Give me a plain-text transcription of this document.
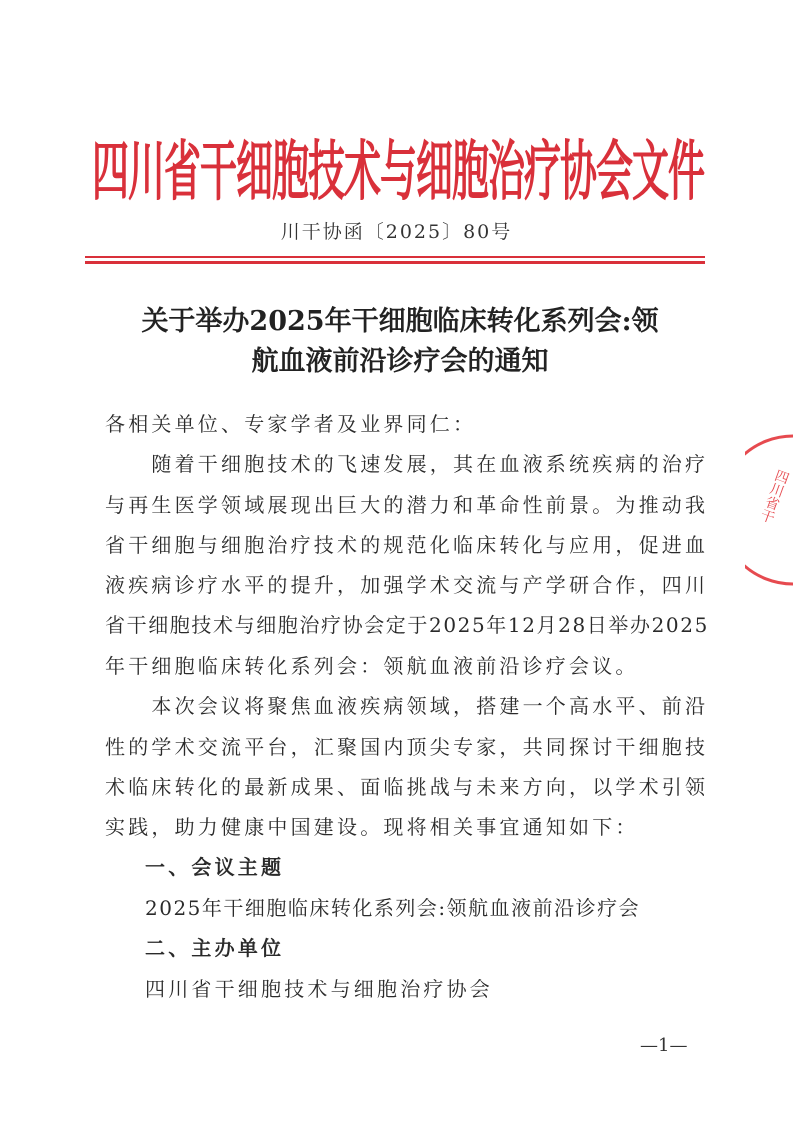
四川省干细胞技术与细胞治疗协会文件
川干协函〔2025〕80号
关于举办2025年干细胞临床转化系列会:领
航血液前沿诊疗会的通知
各相关单位、专家学者及业界同仁：
　　随着干细胞技术的飞速发展，其在血液系统疾病的治疗
与再生医学领域展现出巨大的潜力和革命性前景。为推动我
省干细胞与细胞治疗技术的规范化临床转化与应用，促进血
液疾病诊疗水平的提升，加强学术交流与产学研合作，四川
省干细胞技术与细胞治疗协会定于2025年12月28日举办2025
年干细胞临床转化系列会：领航血液前沿诊疗会议。
　　本次会议将聚焦血液疾病领域，搭建一个高水平、前沿
性的学术交流平台，汇聚国内顶尖专家，共同探讨干细胞技
术临床转化的最新成果、面临挑战与未来方向，以学术引领
实践，助力健康中国建设。现将相关事宜通知如下：
一、会议主题
2025年干细胞临床转化系列会:领航血液前沿诊疗会
二、主办单位
四川省干细胞技术与细胞治疗协会
四川省干
—1—
